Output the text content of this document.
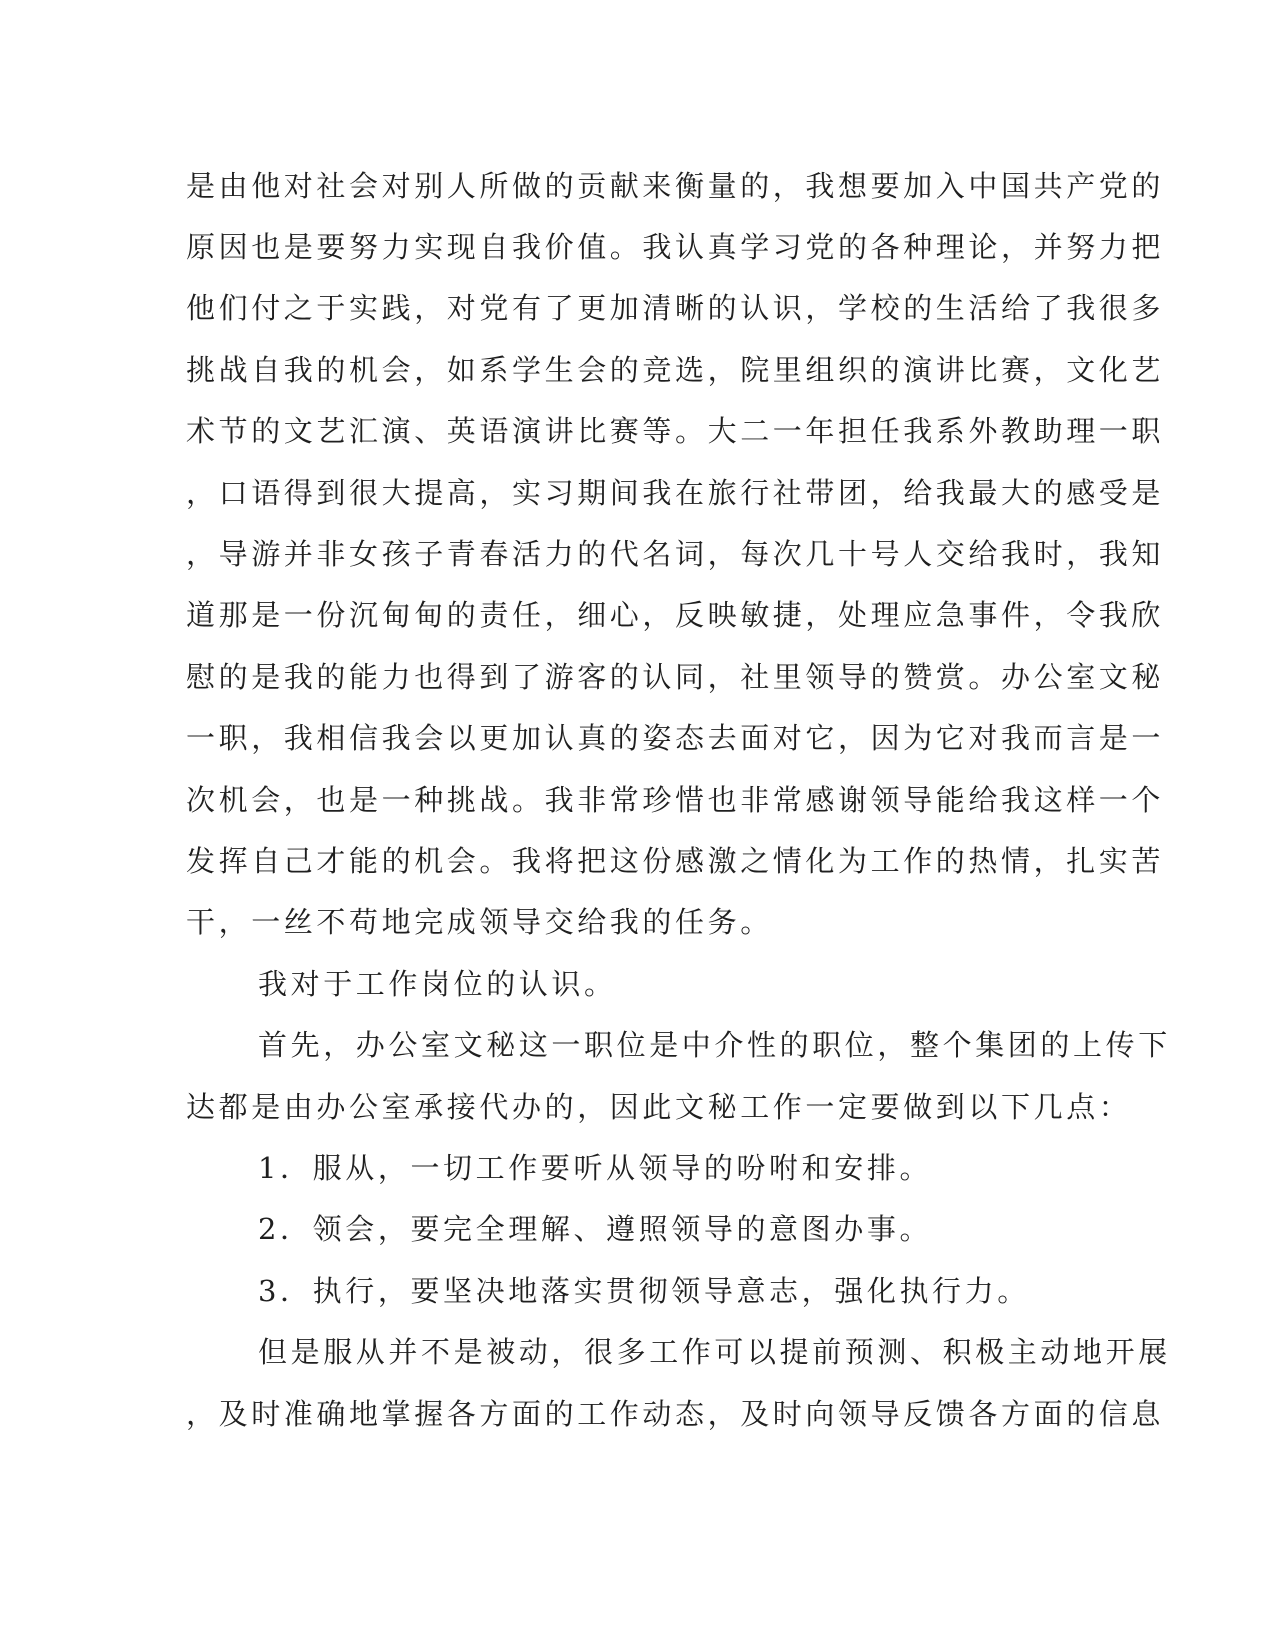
是由他对社会对别人所做的贡献来衡量的，我想要加入中国共产党的
原因也是要努力实现自我价值。我认真学习党的各种理论，并努力把
他们付之于实践，对党有了更加清晰的认识，学校的生活给了我很多
挑战自我的机会，如系学生会的竞选，院里组织的演讲比赛，文化艺
术节的文艺汇演、英语演讲比赛等。大二一年担任我系外教助理一职
，口语得到很大提高，实习期间我在旅行社带团，给我最大的感受是
，导游并非女孩子青春活力的代名词，每次几十号人交给我时，我知
道那是一份沉甸甸的责任，细心，反映敏捷，处理应急事件，令我欣
慰的是我的能力也得到了游客的认同，社里领导的赞赏。办公室文秘
一职，我相信我会以更加认真的姿态去面对它，因为它对我而言是一
次机会，也是一种挑战。我非常珍惜也非常感谢领导能给我这样一个
发挥自己才能的机会。我将把这份感激之情化为工作的热情，扎实苦
干，一丝不苟地完成领导交给我的任务。
我对于工作岗位的认识。
首先，办公室文秘这一职位是中介性的职位，整个集团的上传下
达都是由办公室承接代办的，因此文秘工作一定要做到以下几点：
1．服从，一切工作要听从领导的吩咐和安排。
2．领会，要完全理解、遵照领导的意图办事。
3．执行，要坚决地落实贯彻领导意志，强化执行力。
但是服从并不是被动，很多工作可以提前预测、积极主动地开展
，及时准确地掌握各方面的工作动态，及时向领导反馈各方面的信息
